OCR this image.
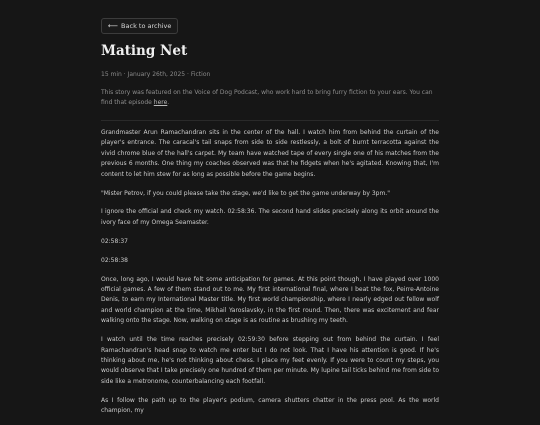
⟵ Back to archive
Mating Net
15 min · January 26th, 2025 · Fiction

This story was featured on the Voice of Dog Podcast, who work hard to bring furry fiction to your ears. You can find that episode here.

Grandmaster Arun Ramachandran sits in the center of the hall. I watch him from behind the curtain of the player's entrance. The caracal's tail snaps from side to side restlessly, a bolt of burnt terracotta against the vivid chrome blue of the hall's carpet. My team have watched tape of every single one of his matches from the previous 6 months. One thing my coaches observed was that he fidgets when he's agitated. Knowing that, I'm content to let him stew for as long as possible before the game begins.

"Mister Petrov, if you could please take the stage, we'd like to get the game underway by 3pm."

I ignore the official and check my watch. 02:58:36. The second hand slides precisely along its orbit around the ivory face of my Omega Seamaster.

02:58:37

02:58:38

Once, long ago, I would have felt some anticipation for games. At this point though, I have played over 1000 official games. A few of them stand out to me. My first international final, where I beat the fox, Peirre-Antoine Denis, to earn my International Master title. My first world championship, where I nearly edged out fellow wolf and world champion at the time, Mikhail Yaroslavsky, in the first round. Then, there was excitement and fear walking onto the stage. Now, walking on stage is as routine as brushing my teeth.

I watch until the time reaches precisely 02:59:30 before stepping out from behind the curtain. I feel Ramachandran's head snap to watch me enter but I do not look. That I have his attention is good. If he's thinking about me, he's not thinking about chess. I place my feet evenly. If you were to count my steps, you would observe that I take precisely one hundred of them per minute. My lupine tail ticks behind me from side to side like a metronome, counterbalancing each footfall.

As I follow the path up to the player's podium, camera shutters chatter in the press pool. As the world champion, my
